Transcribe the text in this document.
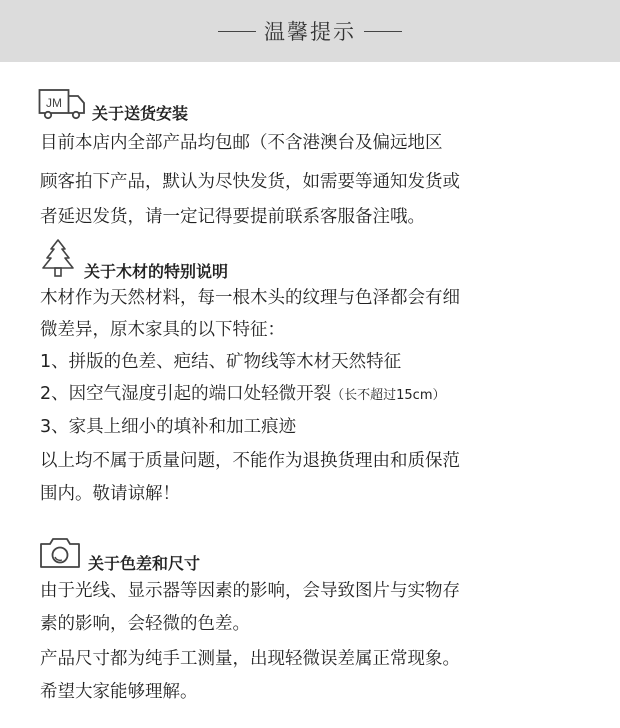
温馨提示
JM
关于送货安装
目前本店内全部产品均包邮（不含港澳台及偏远地区
顾客拍下产品，默认为尽快发货，如需要等通知发货或
者延迟发货，请一定记得要提前联系客服备注哦。
关于木材的特别说明
木材作为天然材料，每一根木头的纹理与色泽都会有细
微差异，原木家具的以下特征：
1、拼版的色差、疤结、矿物线等木材天然特征
2、因空气湿度引起的端口处轻微开裂（长不超过15cm）
3、家具上细小的填补和加工痕迹
以上均不属于质量问题，不能作为退换货理由和质保范
围内。敬请谅解！
关于色差和尺寸
由于光线、显示器等因素的影响，会导致图片与实物存
素的影响，会轻微的色差。
产品尺寸都为纯手工测量，出现轻微误差属正常现象。
希望大家能够理解。
